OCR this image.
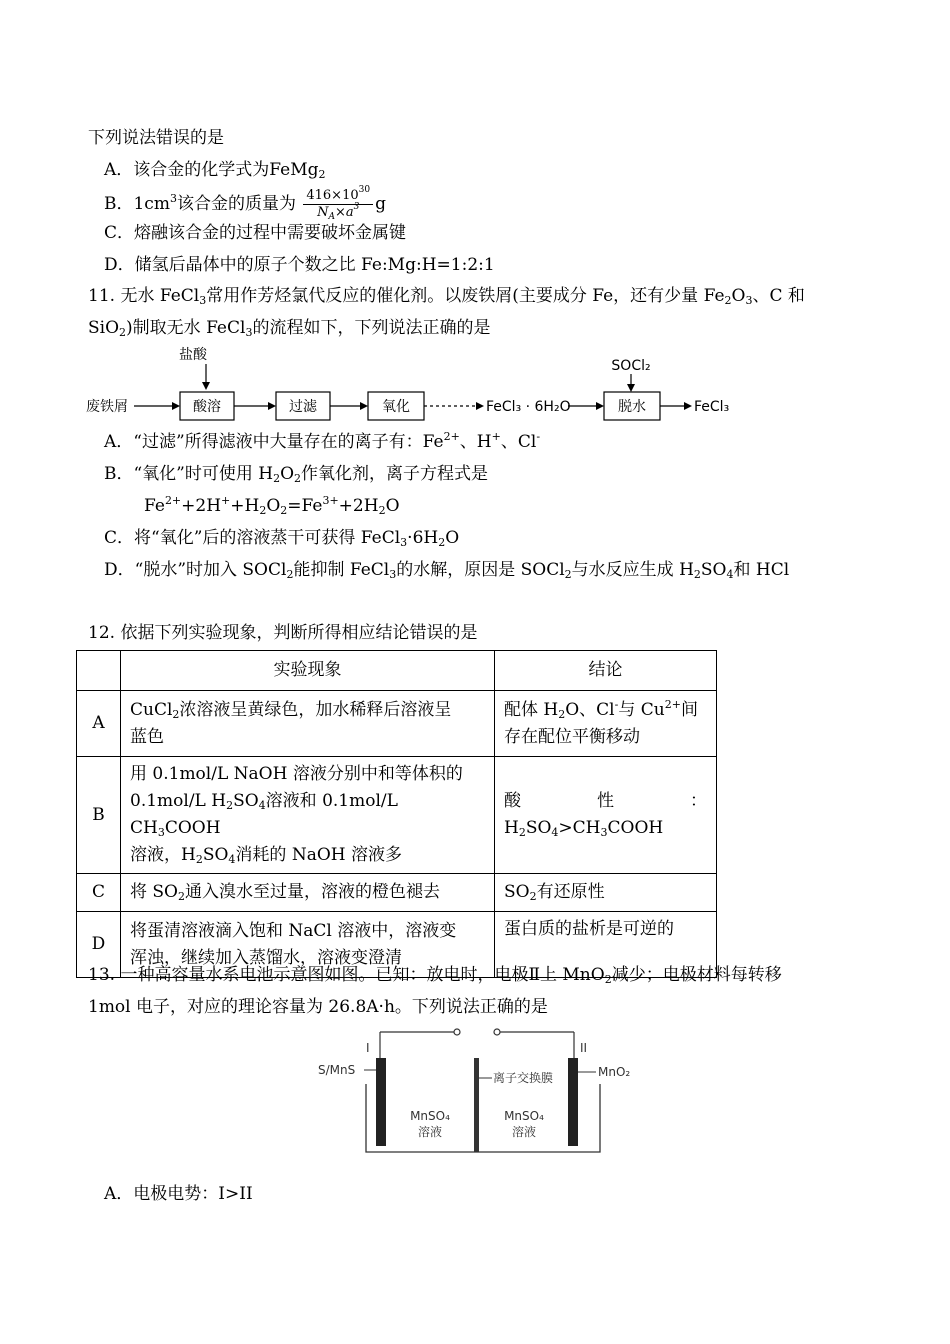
下列说法错误的是
A．该合金的化学式为FeMg$_2$
B．$1cm^3$该合金的质量为 $\frac{416\times 10^{30}}{N_A\times a^3}$ g
C．熔融该合金的过程中需要破坏金属键
D．储氢后晶体中的原子个数之比 Fe:Mg:H=1:2:1
11. 无水 FeCl$_3$常用作芳烃氯代反应的催化剂。以废铁屑(主要成分 Fe，还有少量 $Fe_2O_3$、C 和
SiO$_2$)制取无水 FeCl$_3$的流程如下，下列说法正确的是
盐酸
废铁屑	酸溶	过滤	氧化	FeCl₃ · 6H₂O
SOCl₂
脱水	FeCl₃
A．“过滤”所得滤液中大量存在的离子有：$Fe^{2+}$、H+、Cl-
B．“氧化”时可使用 $H_2O_2$作氧化剂，离子方程式是
$Fe^{2+}+2H^++H_2O_2=Fe^{3+}+2H_2O$
C．将“氧化”后的溶液蒸干可获得 $FeCl_3\cdot 6H_2O$
D．“脱水”时加入 SOCl$_2$能抑制 FeCl$_3$的水解，原因是 SOCl$_2$与水反应生成 $H_2SO_4$和 HCl
12. 依据下列实验现象，判断所得相应结论错误的是
	实验现象	结论
A	CuCl$_2$浓溶液呈黄绿色，加水稀释后溶液呈
蓝色	配体 $H_2O$、Cl-与 $Cu^{2+}$间
存在配位平衡移动
B	用 0.1mol/L NaOH 溶液分别中和等体积的
0.1mol/L $H_2SO_4$溶液和 0.1mol/L $CH_3COOH$
溶液，$H_2SO_4$消耗的 NaOH 溶液多	酸 性 ：
$H_2SO_4>CH_3COOH$
C	将 $SO_2$通入溴水至过量，溶液的橙色褪去	$SO_2$有还原性
D	将蛋清溶液滴入饱和 NaCl 溶液中，溶液变
浑浊，继续加入蒸馏水，溶液变澄清	蛋白质的盐析是可逆的
13. 一种高容量水系电池示意图如图。已知：放电时，电极Ⅱ上 MnO$_2$减少；电极材料每转移
1mol 电子，对应的理论容量为 26.8A·h。下列说法正确的是
I	II
S/MnS	MnO₂
离子交换膜
MnSO₄
溶液
MnSO₄
溶液
A．电极电势：I>II
